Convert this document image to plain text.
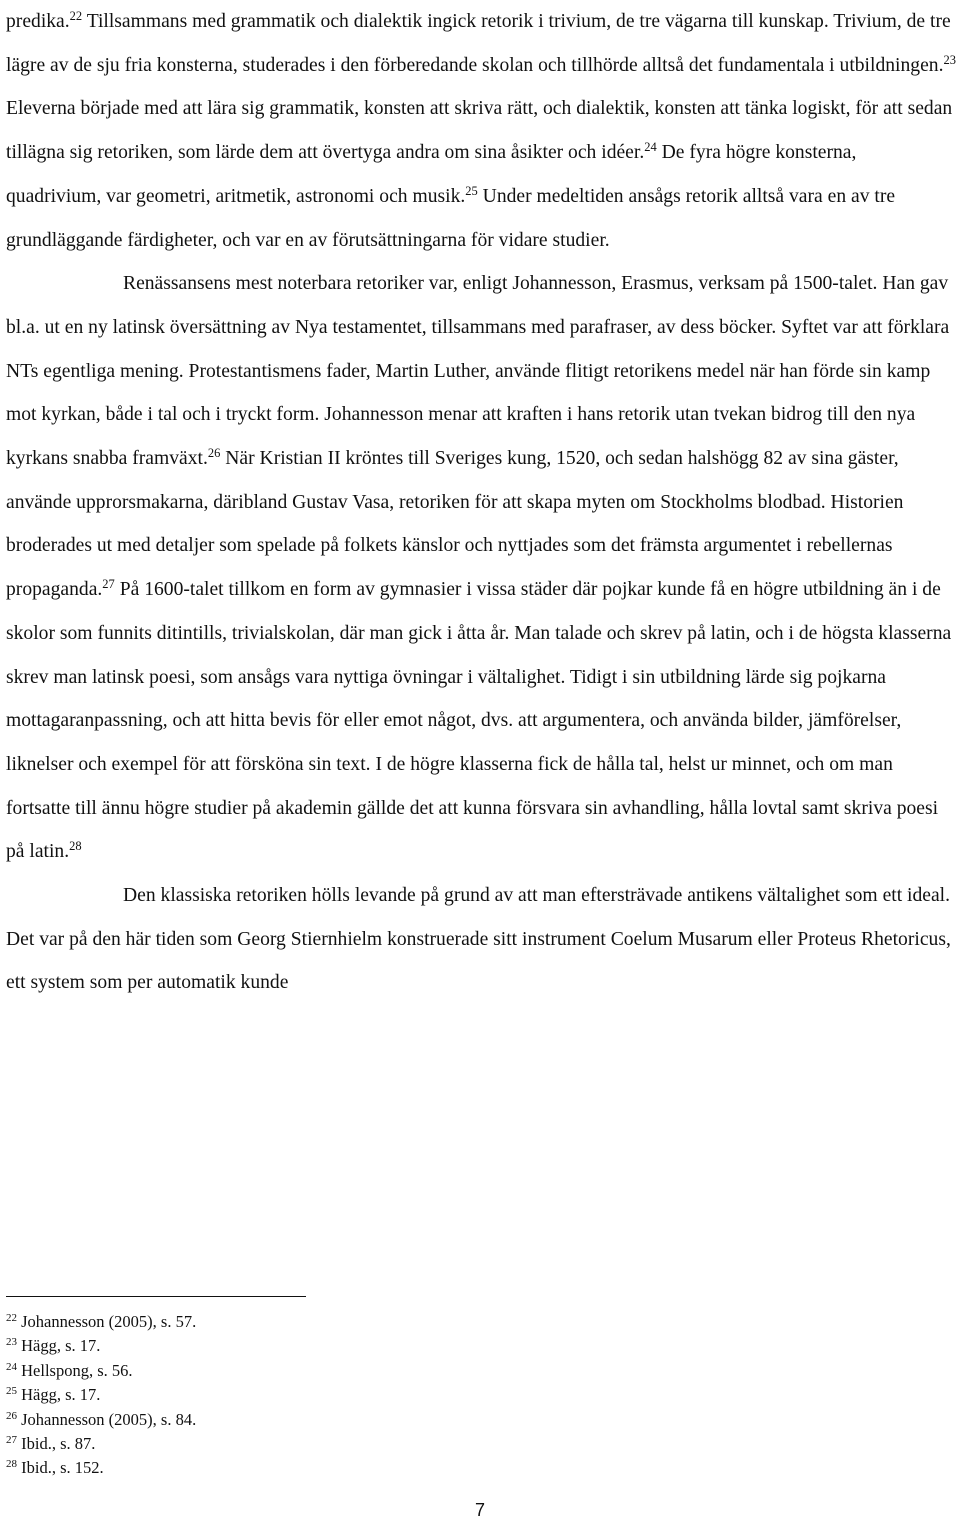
predika.$^{22}$ Tillsammans med grammatik och dialektik ingick retorik i trivium, de tre vägarna till kunskap. Trivium, de tre lägre av de sju fria konsterna, studerades i den förberedande skolan och tillhörde alltså det fundamentala i utbildningen.$^{23}$ Eleverna började med att lära sig grammatik, konsten att skriva rätt, och dialektik, konsten att tänka logiskt, för att sedan tillägna sig retoriken, som lärde dem att övertyga andra om sina åsikter och idéer.$^{24}$ De fyra högre konsterna, quadrivium, var geometri, aritmetik, astronomi och musik.$^{25}$ Under medeltiden ansågs retorik alltså vara en av tre grundläggande färdigheter, och var en av förutsättningarna för vidare studier.

Renässansens mest noterbara retoriker var, enligt Johannesson, Erasmus, verksam på 1500-talet. Han gav bl.a. ut en ny latinsk översättning av Nya testamentet, tillsammans med parafraser, av dess böcker. Syftet var att förklara NTs egentliga mening. Protestantismens fader, Martin Luther, använde flitigt retorikens medel när han förde sin kamp mot kyrkan, både i tal och i tryckt form. Johannesson menar att kraften i hans retorik utan tvekan bidrog till den nya kyrkans snabba framväxt.$^{26}$ När Kristian II kröntes till Sveriges kung, 1520, och sedan halshögg 82 av sina gäster, använde upprorsmakarna, däribland Gustav Vasa, retoriken för att skapa myten om Stockholms blodbad. Historien broderades ut med detaljer som spelade på folkets känslor och nyttjades som det främsta argumentet i rebellernas propaganda.$^{27}$ På 1600-talet tillkom en form av gymnasier i vissa städer där pojkar kunde få en högre utbildning än i de skolor som funnits ditintills, trivialskolan, där man gick i åtta år. Man talade och skrev på latin, och i de högsta klasserna skrev man latinsk poesi, som ansågs vara nyttiga övningar i vältalighet. Tidigt i sin utbildning lärde sig pojkarna mottagaranpassning, och att hitta bevis för eller emot något, dvs. att argumentera, och använda bilder, jämförelser, liknelser och exempel för att försköna sin text. I de högre klasserna fick de hålla tal, helst ur minnet, och om man fortsatte till ännu högre studier på akademin gällde det att kunna försvara sin avhandling, hålla lovtal samt skriva poesi på latin.$^{28}$

Den klassiska retoriken hölls levande på grund av att man eftersträvade antikens vältalighet som ett ideal. Det var på den här tiden som Georg Stiernhielm konstruerade sitt instrument Coelum Musarum eller Proteus Rhetoricus, ett system som per automatik kunde

$^{22}$ Johannesson (2005), s. 57.
$^{23}$ Hägg, s. 17.
$^{24}$ Hellspong, s. 56.
$^{25}$ Hägg, s. 17.
$^{26}$ Johannesson (2005), s. 84.
$^{27}$ Ibid., s. 87.
$^{28}$ Ibid., s. 152.
7
